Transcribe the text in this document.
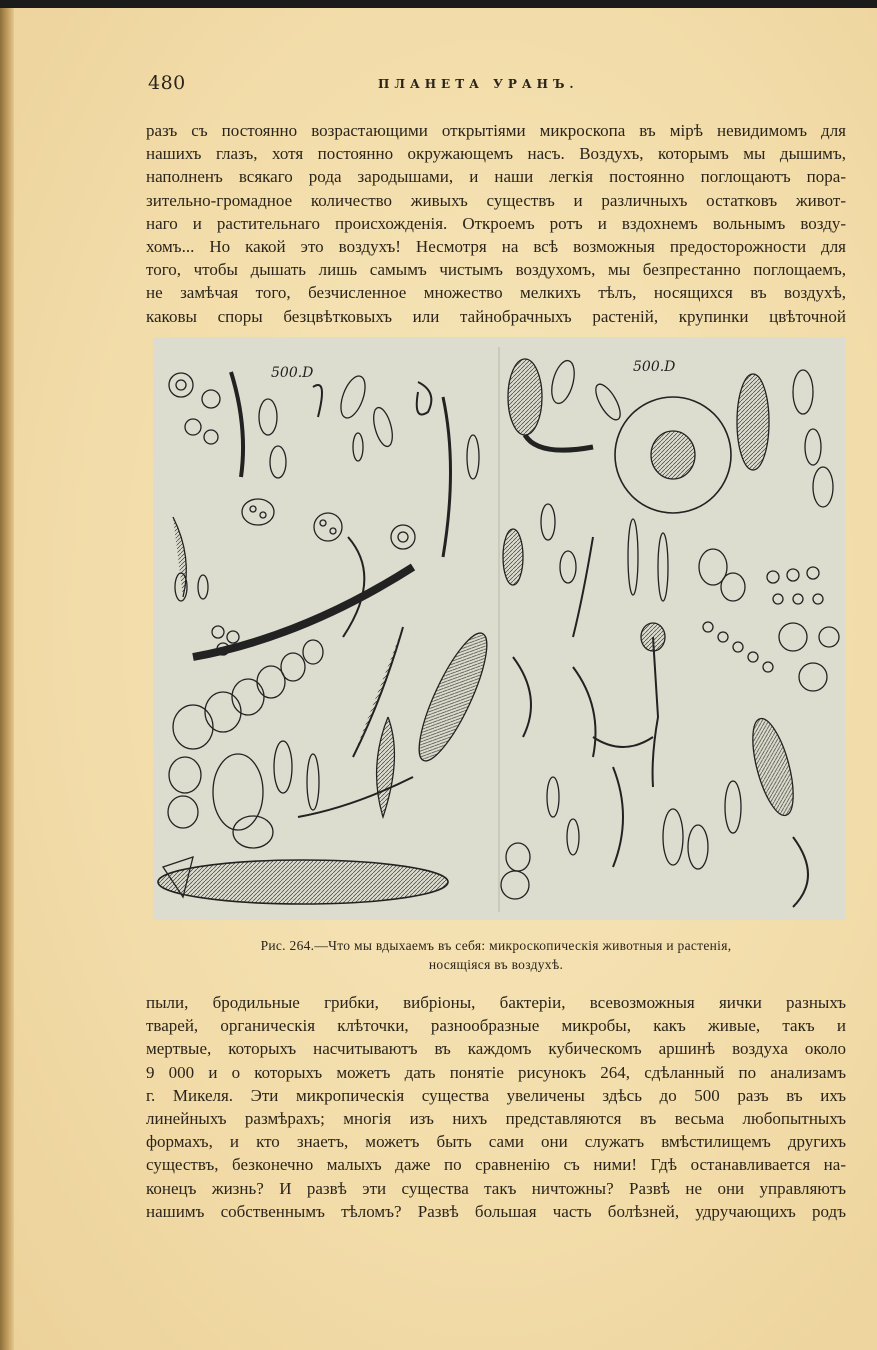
480	ПЛАНЕТА УРАНЪ.
разъ съ постоянно возрастающими открытіями микроскопа въ мірѣ невидимомъ для
нашихъ глазъ, хотя постоянно окружающемъ насъ. Воздухъ, которымъ мы дышимъ,
наполненъ всякаго рода зародышами, и наши легкія постоянно поглощаютъ пора-
зительно-громадное количество живыхъ существъ и различныхъ остатковъ живот-
наго и растительнаго происхожденія. Откроемъ ротъ и вздохнемъ вольнымъ возду-
хомъ... Но какой это воздухъ! Несмотря на всѣ возможныя предосторожности для
того, чтобы дышать лишь самымъ чистымъ воздухомъ, мы безпрестанно поглощаемъ,
не замѣчая того, безчисленное множество мелкихъ тѣлъ, носящихся въ воздухѣ,
каковы споры безцвѣтковыхъ или тайнобрачныхъ растеній, крупинки цвѣточной
500.D	500.D
Рис. 264.—Что мы вдыхаемъ въ себя: микроскопическія животныя и растенія,
носящіяся въ воздухѣ.
пыли, бродильные грибки, вибріоны, бактеріи, всевозможныя яички разныхъ
тварей, органическія клѣточки, разнообразные микробы, какъ живые, такъ и
мертвые, которыхъ насчитываютъ въ каждомъ кубическомъ аршинѣ воздуха около
9 000 и о которыхъ можетъ дать понятіе рисунокъ 264, сдѣланный по анализамъ
г. Микеля. Эти микропическія существа увеличены здѣсь до 500 разъ въ ихъ
линейныхъ размѣрахъ; многія изъ нихъ представляются въ весьма любопытныхъ
формахъ, и кто знаетъ, можетъ быть сами они служатъ вмѣстилищемъ другихъ
существъ, безконечно малыхъ даже по сравненію съ ними! Гдѣ останавливается на-
конецъ жизнь? И развѣ эти существа такъ ничтожны? Развѣ не они управляютъ
нашимъ собственнымъ тѣломъ? Развѣ большая часть болѣзней, удручающихъ родъ
